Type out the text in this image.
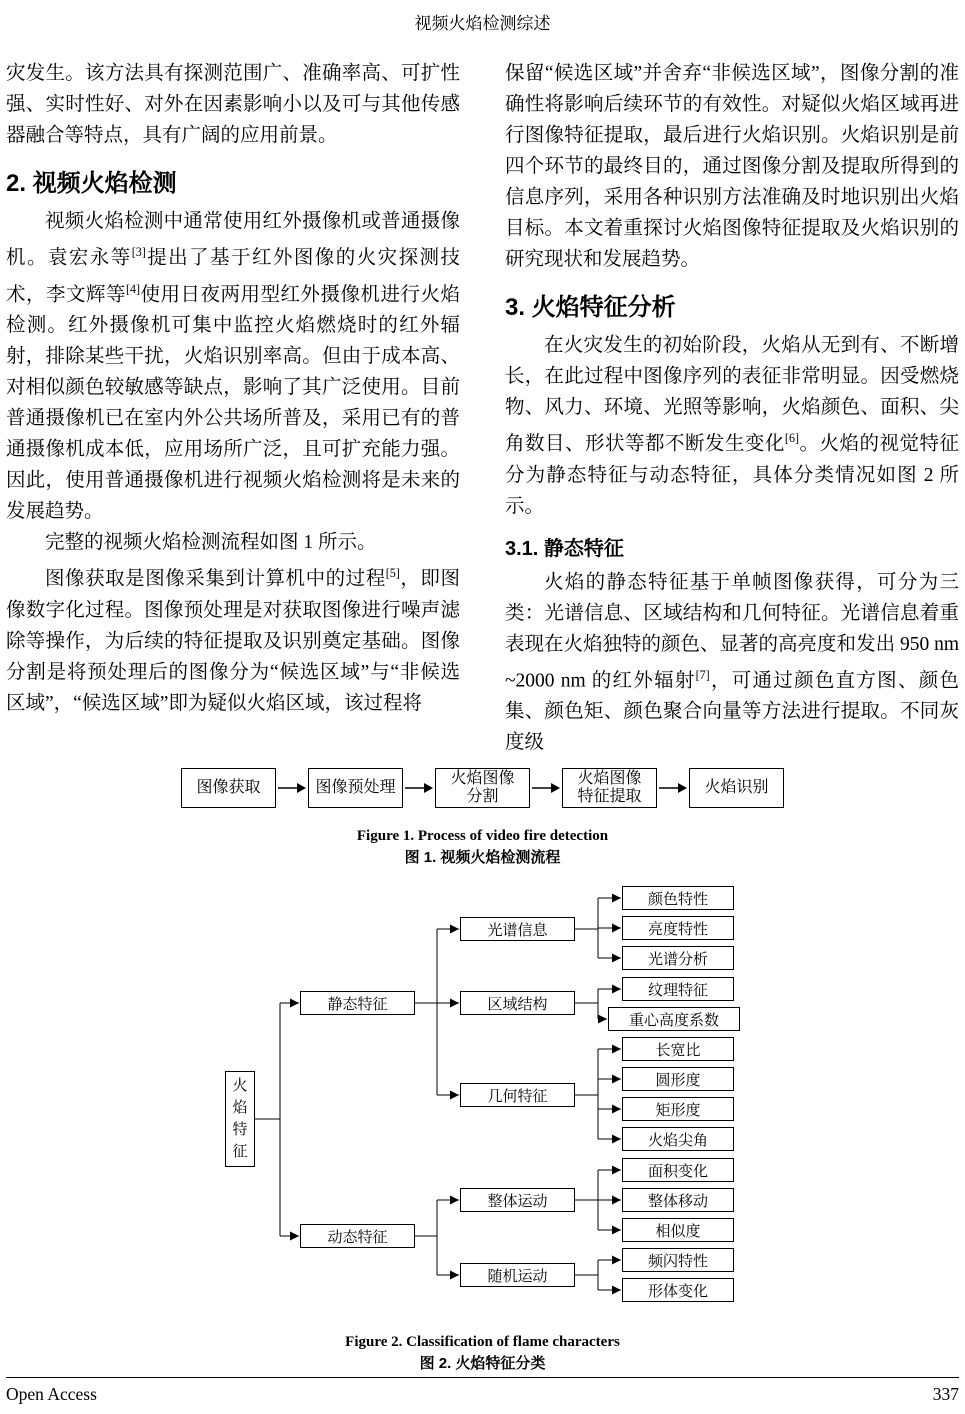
视频火焰检测综述

灾发生。该方法具有探测范围广、准确率高、可扩性强、实时性好、对外在因素影响小以及可与其他传感器融合等特点，具有广阔的应用前景。

2. 视频火焰检测

视频火焰检测中通常使用红外摄像机或普通摄像机。袁宏永等[3]提出了基于红外图像的火灾探测技术，李文辉等[4]使用日夜两用型红外摄像机进行火焰检测。红外摄像机可集中监控火焰燃烧时的红外辐射，排除某些干扰，火焰识别率高。但由于成本高、对相似颜色较敏感等缺点，影响了其广泛使用。目前普通摄像机已在室内外公共场所普及，采用已有的普通摄像机成本低，应用场所广泛，且可扩充能力强。因此，使用普通摄像机进行视频火焰检测将是未来的发展趋势。

完整的视频火焰检测流程如图 1 所示。

图像获取是图像采集到计算机中的过程[5]，即图像数字化过程。图像预处理是对获取图像进行噪声滤除等操作，为后续的特征提取及识别奠定基础。图像分割是将预处理后的图像分为“候选区域”与“非候选区域”，“候选区域”即为疑似火焰区域，该过程将

保留“候选区域”并舍弃“非候选区域”，图像分割的准确性将影响后续环节的有效性。对疑似火焰区域再进行图像特征提取，最后进行火焰识别。火焰识别是前四个环节的最终目的，通过图像分割及提取所得到的信息序列，采用各种识别方法准确及时地识别出火焰目标。本文着重探讨火焰图像特征提取及火焰识别的研究现状和发展趋势。

3. 火焰特征分析

在火灾发生的初始阶段，火焰从无到有、不断增长，在此过程中图像序列的表征非常明显。因受燃烧物、风力、环境、光照等影响，火焰颜色、面积、尖角数目、形状等都不断发生变化[6]。火焰的视觉特征分为静态特征与动态特征，具体分类情况如图 2 所示。

3.1. 静态特征

火焰的静态特征基于单帧图像获得，可分为三类：光谱信息、区域结构和几何特征。光谱信息着重表现在火焰独特的颜色、显著的高亮度和发出 950 nm ~2000 nm 的红外辐射[7]，可通过颜色直方图、颜色集、颜色矩、颜色聚合向量等方法进行提取。不同灰度级

图像获取	图像预处理
火焰图像
分割
火焰图像
特征提取
火焰识别
Figure 1. Process of video fire detection
图 1. 视频火焰检测流程
火焰特征
静态特征
动态特征
光谱信息
区域结构
几何特征
整体运动
随机运动
颜色特性
亮度特性
光谱分析
纹理特征
重心高度系数
长宽比
圆形度
矩形度
火焰尖角
面积变化
整体移动
相似度
频闪特性
形体变化
Figure 2. Classification of flame characters
图 2. 火焰特征分类
Open Access	337
